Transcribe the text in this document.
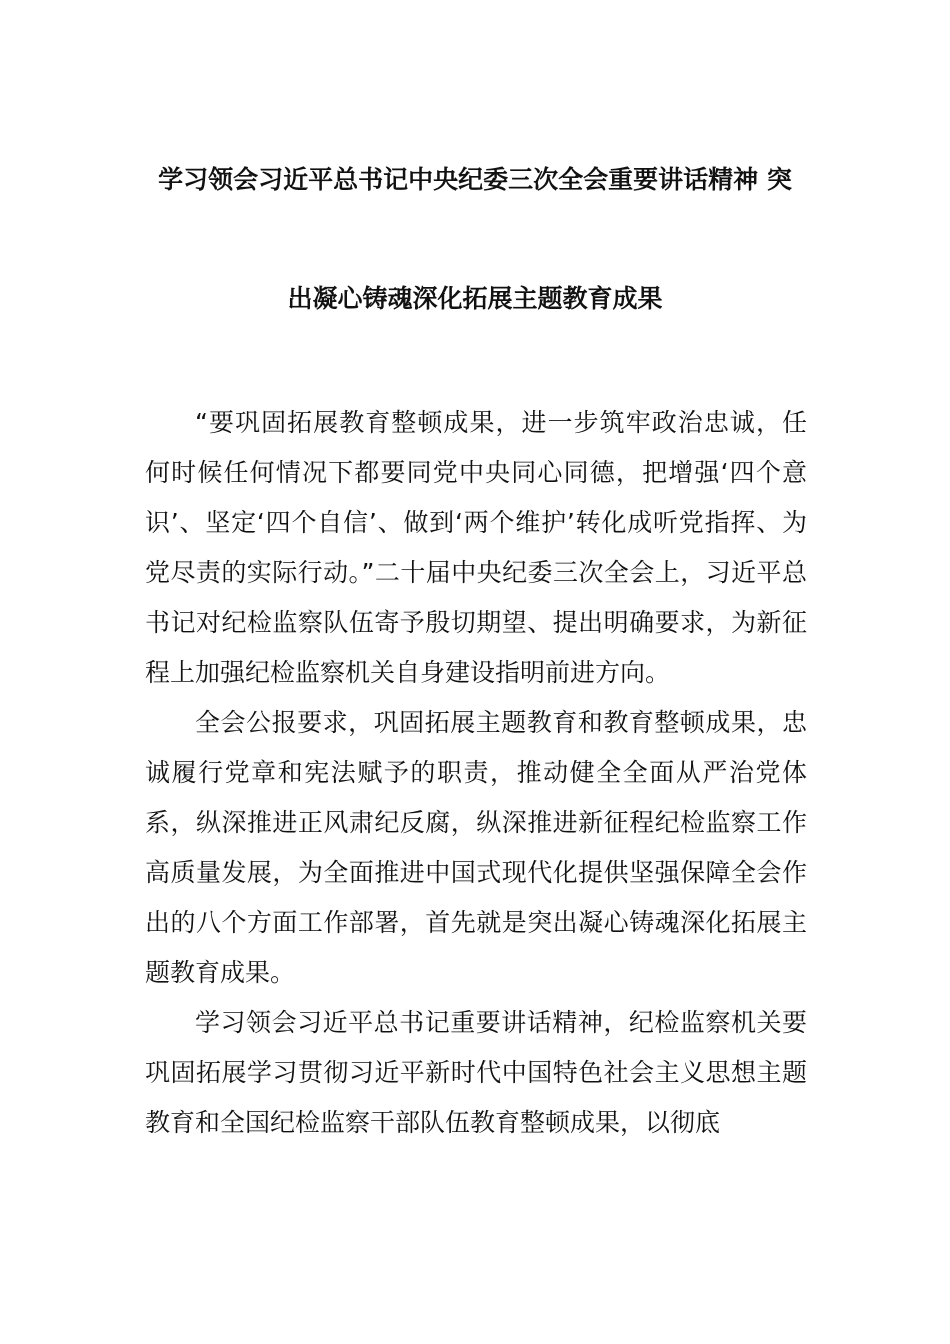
学习领会习近平总书记中央纪委三次全会重要讲话精神 突
出凝心铸魂深化拓展主题教育成果

“要巩固拓展教育整顿成果，进一步筑牢政治忠诚，任何时候任何情况下都要同党中央同心同德，把增强‘四个意识’、坚定‘四个自信’、做到‘两个维护’转化成听党指挥、为党尽责的实际行动。”二十届中央纪委三次全会上，习近平总书记对纪检监察队伍寄予殷切期望、提出明确要求，为新征程上加强纪检监察机关自身建设指明前进方向。

全会公报要求，巩固拓展主题教育和教育整顿成果，忠诚履行党章和宪法赋予的职责，推动健全全面从严治党体系，纵深推进正风肃纪反腐，纵深推进新征程纪检监察工作高质量发展，为全面推进中国式现代化提供坚强保障全会作出的八个方面工作部署，首先就是突出凝心铸魂深化拓展主题教育成果。

学习领会习近平总书记重要讲话精神，纪检监察机关要巩固拓展学习贯彻习近平新时代中国特色社会主义思想主题教育和全国纪检监察干部队伍教育整顿成果，以彻底
